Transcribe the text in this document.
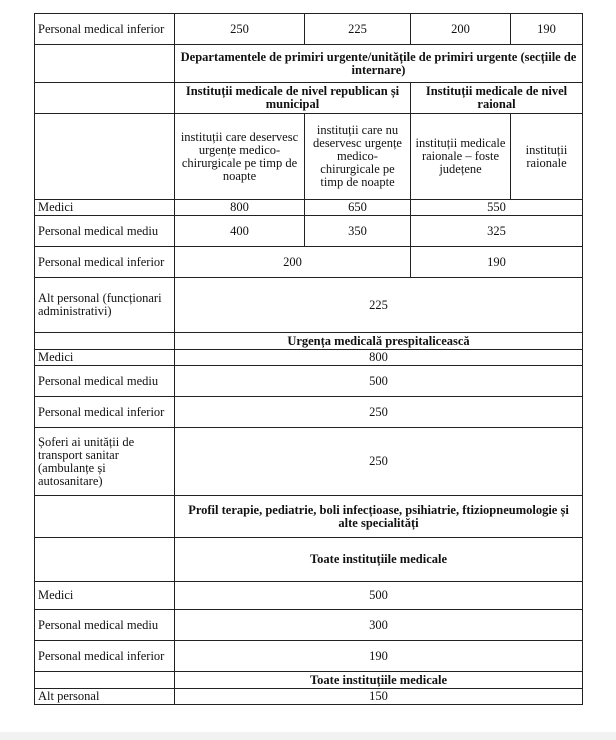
Personal medical inferior	250	225	200	190
	Departamentele de primiri urgente/unitățile de primiri urgente (secțiile de internare)			
	Instituții medicale de nivel republican și municipal		Instituții medicale de nivel raional	
	instituții care deservesc urgențe medico-chirurgicale pe timp de noapte	instituții care nu deservesc urgențe medico-chirurgicale pe timp de noapte	instituții medicale raionale – foste județene	instituții raionale
Medici	800	650	550	
Personal medical mediu	400	350	325	
Personal medical inferior	200		190	
Alt personal (funcționari administrativi)	225			
	Urgența medicală prespitalicească			
Medici	800			
Personal medical mediu	500			
Personal medical inferior	250			
Șoferi ai unității de transport sanitar (ambulanțe și autosanitare)	250			
	Profil terapie, pediatrie, boli infecțioase, psihiatrie, ftiziopneumologie și alte specialități			
	Toate instituțiile medicale			
Medici	500			
Personal medical mediu	300			
Personal medical inferior	190			
	Toate instituțiile medicale			
Alt personal	150			
